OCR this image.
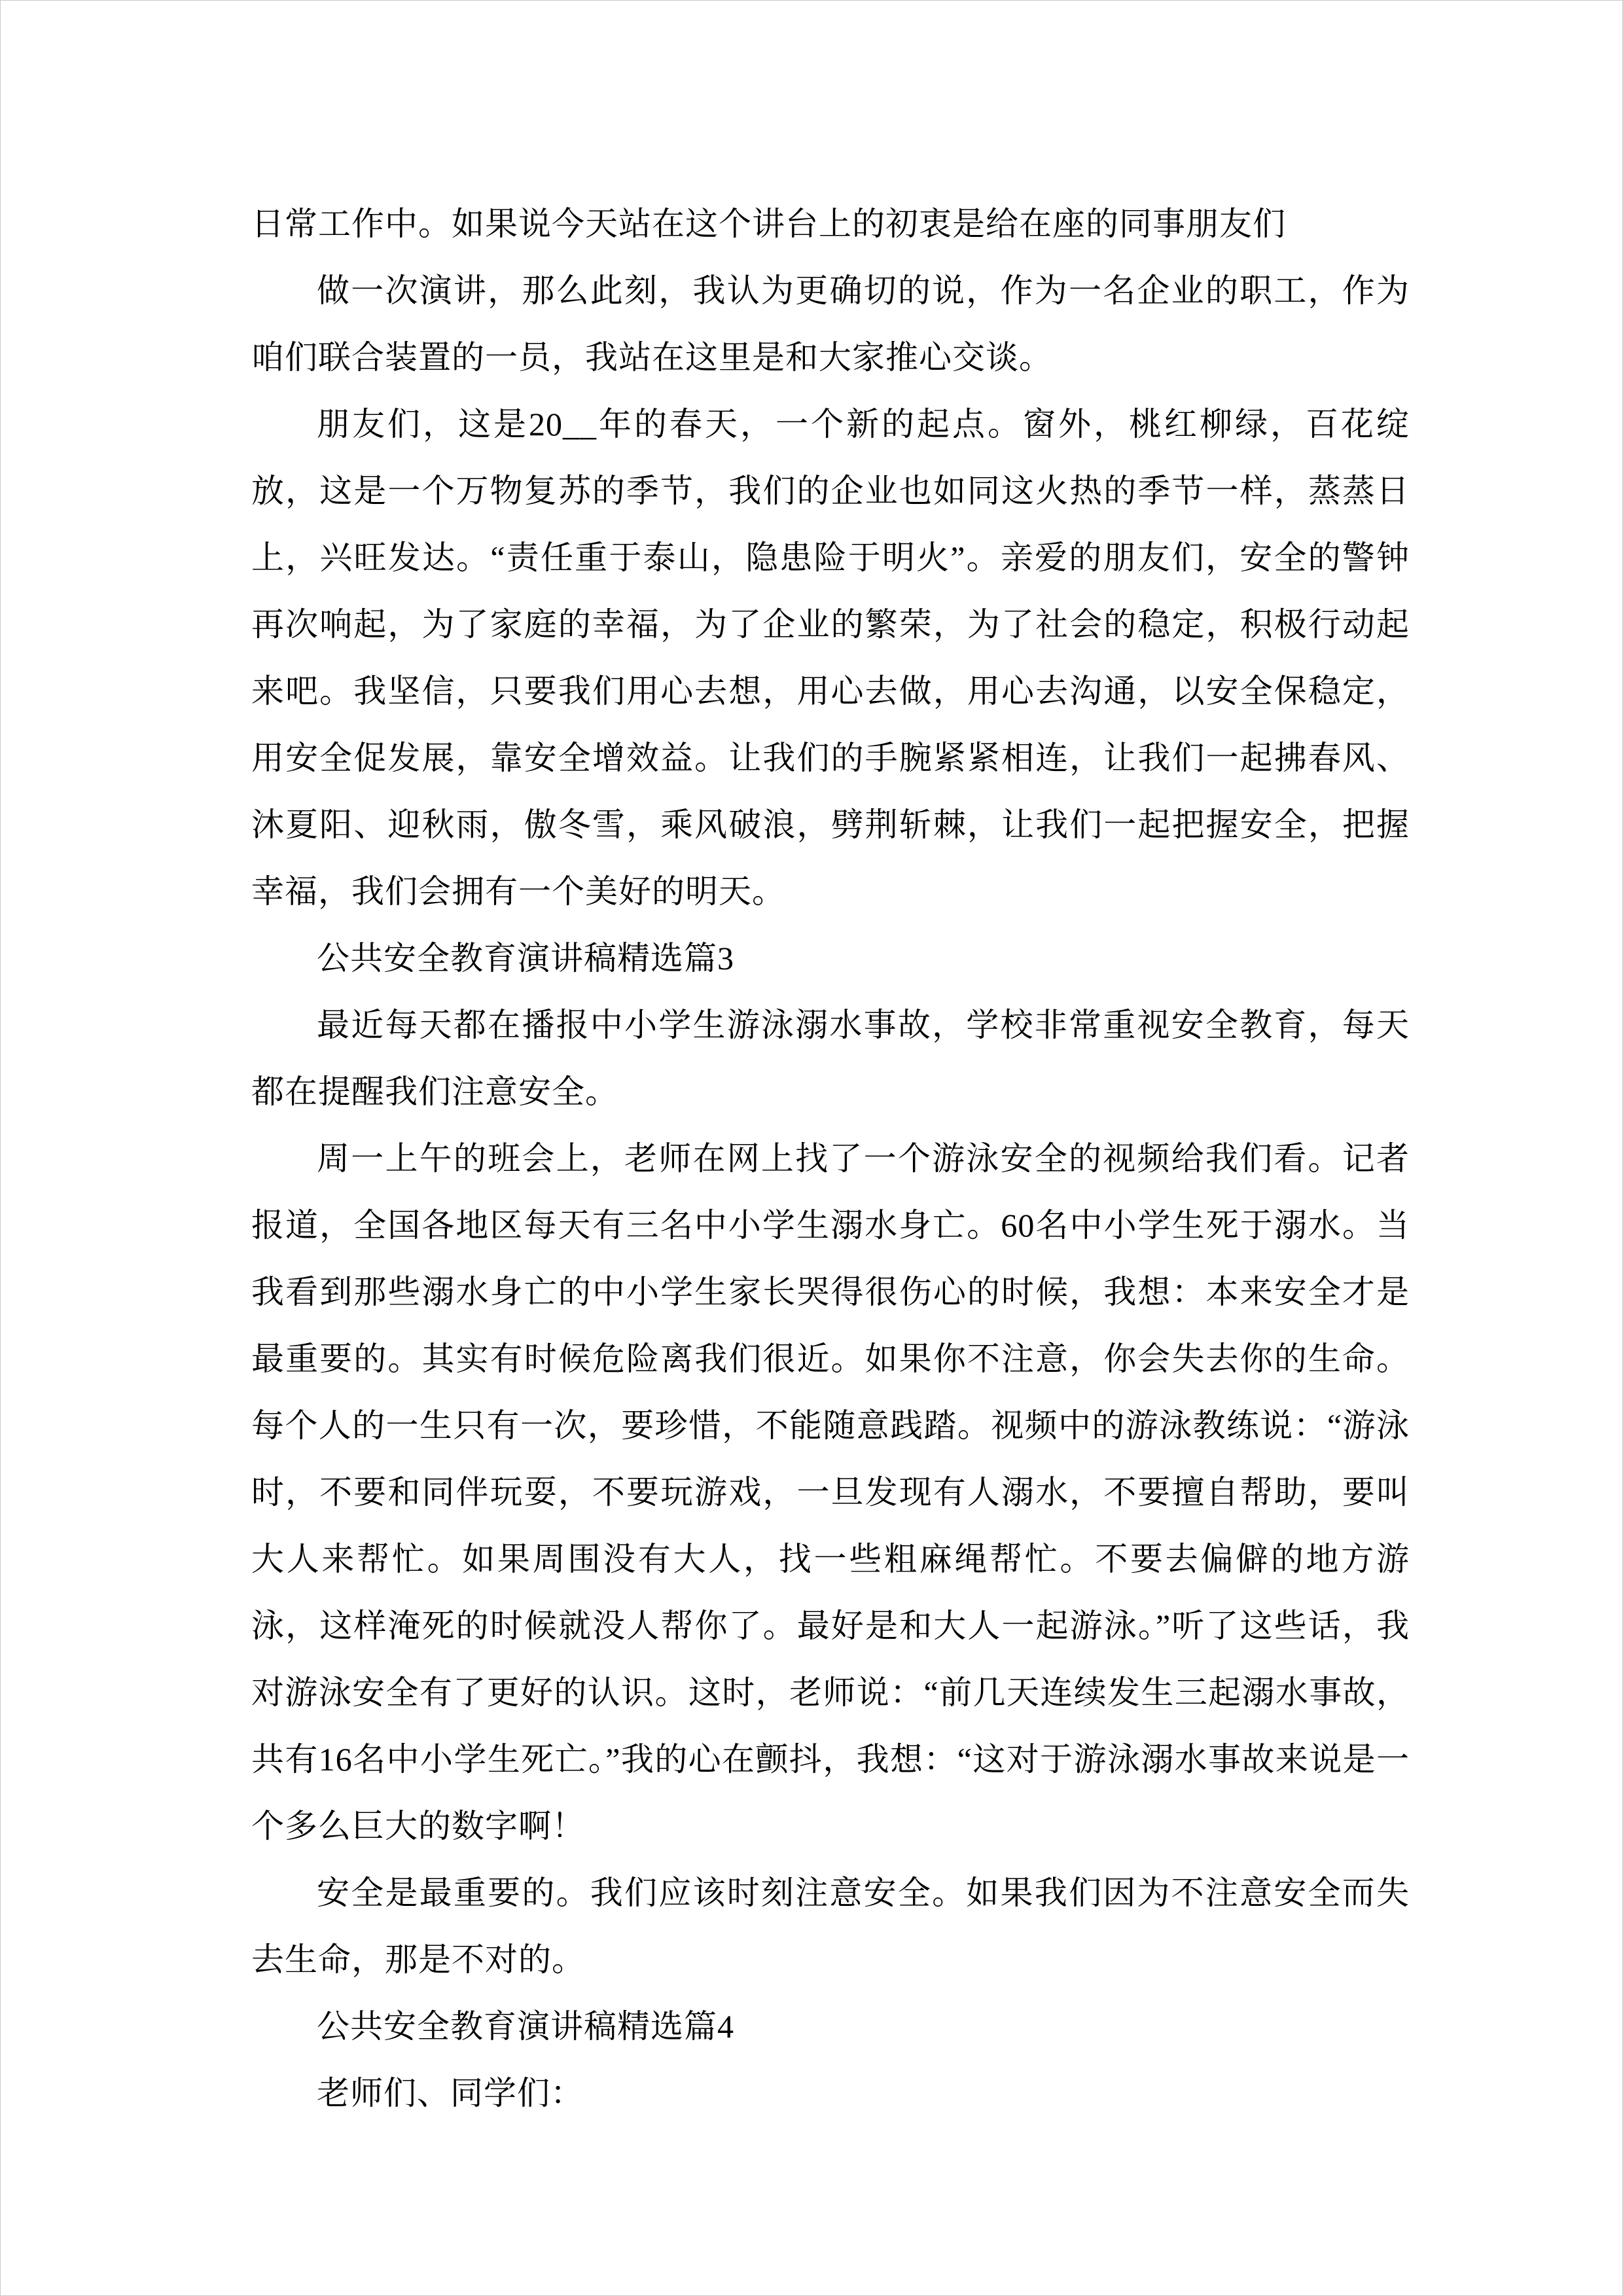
日常工作中。如果说今天站在这个讲台上的初衷是给在座的同事朋友们

做一次演讲，那么此刻，我认为更确切的说，作为一名企业的职工，作为咱们联合装置的一员，我站在这里是和大家推心交谈。

朋友们，这是20__年的春天，一个新的起点。窗外，桃红柳绿，百花绽放，这是一个万物复苏的季节，我们的企业也如同这火热的季节一样，蒸蒸日上，兴旺发达。“责任重于泰山，隐患险于明火”。亲爱的朋友们，安全的警钟再次响起，为了家庭的幸福，为了企业的繁荣，为了社会的稳定，积极行动起来吧。我坚信，只要我们用心去想，用心去做，用心去沟通，以安全保稳定，用安全促发展，靠安全增效益。让我们的手腕紧紧相连，让我们一起拂春风、沐夏阳、迎秋雨，傲冬雪，乘风破浪，劈荆斩棘，让我们一起把握安全，把握幸福，我们会拥有一个美好的明天。

公共安全教育演讲稿精选篇3

最近每天都在播报中小学生游泳溺水事故，学校非常重视安全教育，每天都在提醒我们注意安全。

周一上午的班会上，老师在网上找了一个游泳安全的视频给我们看。记者报道，全国各地区每天有三名中小学生溺水身亡。60名中小学生死于溺水。当我看到那些溺水身亡的中小学生家长哭得很伤心的时候，我想：本来安全才是最重要的。其实有时候危险离我们很近。如果你不注意，你会失去你的生命。每个人的一生只有一次，要珍惜，不能随意践踏。视频中的游泳教练说：“游泳时，不要和同伴玩耍，不要玩游戏，一旦发现有人溺水，不要擅自帮助，要叫大人来帮忙。如果周围没有大人，找一些粗麻绳帮忙。不要去偏僻的地方游泳，这样淹死的时候就没人帮你了。最好是和大人一起游泳。”听了这些话，我对游泳安全有了更好的认识。这时，老师说：“前几天连续发生三起溺水事故，共有16名中小学生死亡。”我的心在颤抖，我想：“这对于游泳溺水事故来说是一个多么巨大的数字啊！

安全是最重要的。我们应该时刻注意安全。如果我们因为不注意安全而失去生命，那是不对的。

公共安全教育演讲稿精选篇4

老师们、同学们：
